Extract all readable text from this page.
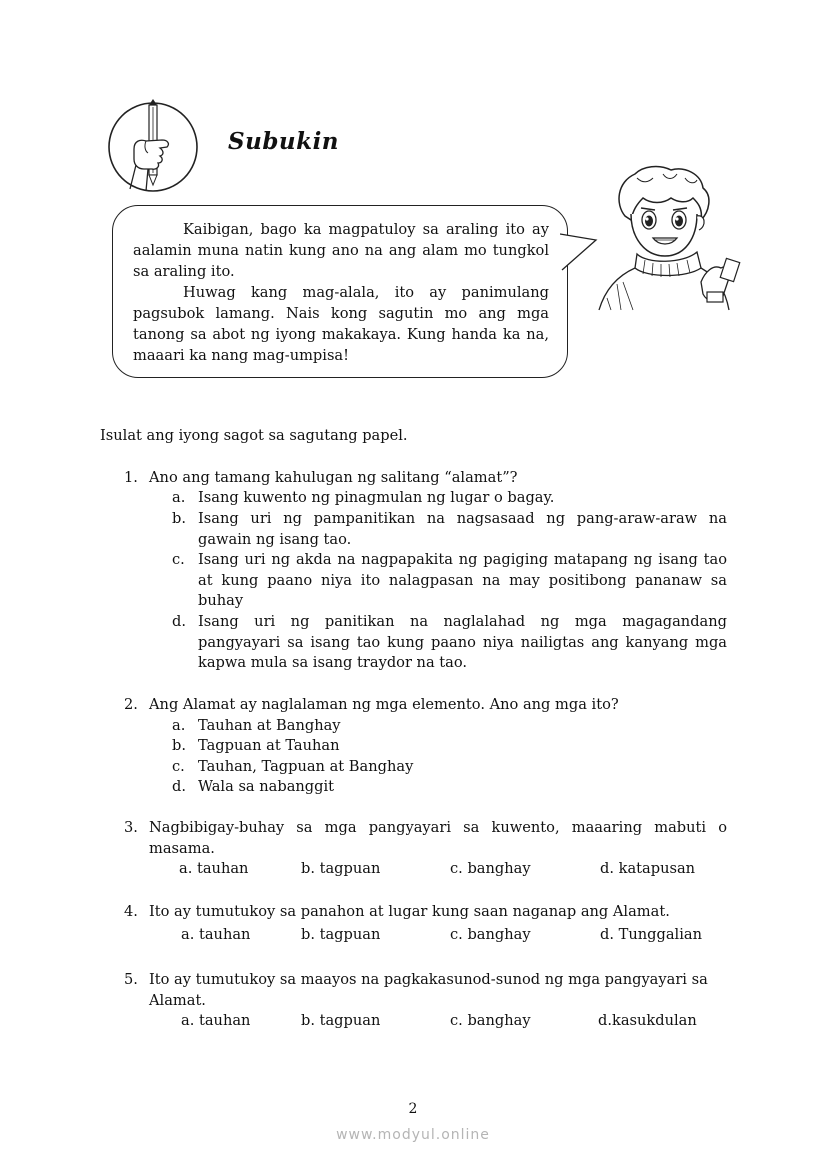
Subukin

Kaibigan, bago ka magpatuloy sa araling ito ay aalamin muna natin kung ano na ang alam mo tungkol sa araling ito.

Huwag kang mag-alala, ito ay panimulang pagsubok lamang. Nais kong sagutin mo ang mga tanong sa abot ng iyong makakaya. Kung handa ka na, maaari ka nang mag-umpisa!

Isulat ang iyong sagot sa sagutang papel.
1. Ano ang tamang kahulugan ng salitang “alamat”?
a. Isang kuwento ng pinagmulan ng lugar o bagay.
b. Isang uri ng pampanitikan na nagsasaad ng pang-araw-araw na gawain ng isang tao.
c. Isang uri ng akda na nagpapakita ng pagiging matapang ng isang tao at kung paano niya ito nalagpasan na may positibong pananaw sa buhay
d. Isang uri ng panitikan na naglalahad ng mga magagandang pangyayari sa isang tao kung paano niya nailigtas ang kanyang mga kapwa mula sa isang traydor na tao.
2. Ang Alamat ay naglalaman ng mga elemento. Ano ang mga ito?
a. Tauhan at Banghay
b. Tagpuan at Tauhan
c. Tauhan, Tagpuan at Banghay
d. Wala sa nabanggit
3. Nagbibigay-buhay sa mga pangyayari sa kuwento, maaaring mabuti o
masama.
a. tauhan	b. tagpuan	c. banghay	d. katapusan
4. Ito ay tumutukoy sa panahon at lugar kung saan naganap ang Alamat.
a. tauhan	b. tagpuan	c. banghay	d. Tunggalian
5. Ito ay tumutukoy sa maayos na pagkakasunod-sunod ng mga pangyayari sa
Alamat.
a. tauhan	b. tagpuan	c. banghay	d.kasukdulan
2
www.modyul.online
